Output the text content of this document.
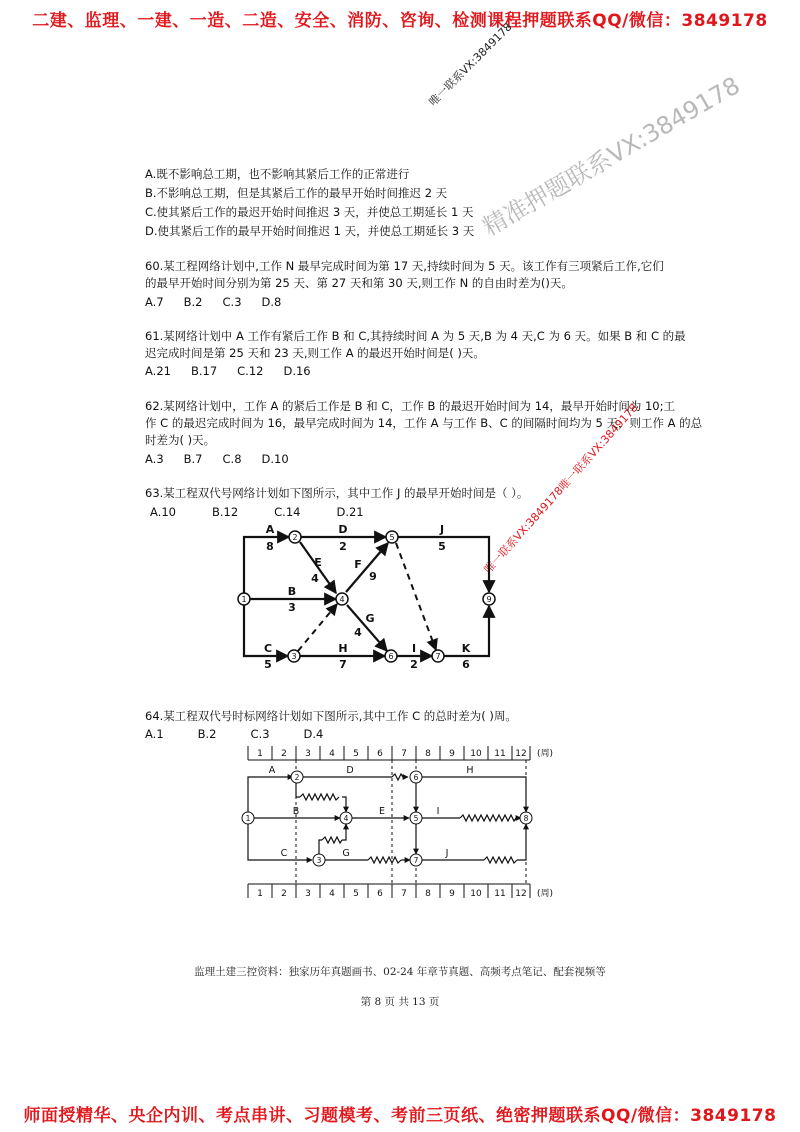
二建、监理、一建、一造、二造、安全、消防、咨询、检测课程押题联系QQ/微信：3849178
唯一联系VX:3849178
精准押题联系VX:3849178
唯一联系VX:3849178唯一联系VX:3849178
A.既不影响总工期，也不影响其紧后工作的正常进行
B.不影响总工期，但是其紧后工作的最早开始时间推迟 2 天
C.使其紧后工作的最迟开始时间推迟 3 天，并使总工期延长 1 天
D.使其紧后工作的最早开始时间推迟 1 天，并使总工期延长 3 天
60.某工程网络计划中,工作 N 最早完成时间为第 17 天,持续时间为 5 天。该工作有三项紧后工作,它们
的最早开始时间分别为第 25 天、第 27 天和第 30 天,则工作 N 的自由时差为()天。
A.7 B.2 C.3 D.8
61.某网络计划中 A 工作有紧后工作 B 和 C,其持续时间 A 为 5 天,B 为 4 天,C 为 6 天。如果 B 和 C 的最
迟完成时间是第 25 天和 23 天,则工作 A 的最迟开始时间是( )天。
A.21 B.17 C.12 D.16
62.某网络计划中，工作 A 的紧后工作是 B 和 C，工作 B 的最迟开始时间为 14，最早开始时间为 10;工
作 C 的最迟完成时间为 16，最早完成时间为 14，工作 A 与工作 B、C 的间隔时间均为 5 天，则工作 A 的总
时差为( )天。
A.3 B.7 C.8 D.10
63.某工程双代号网络计划如下图所示，其中工作 J 的最早开始时间是（ ）。
A.10	B.12	C.14	D.21
1
2
3
4
5
6	7
9
A
8
D
2
J
5
E
4
F
9
B
3
G
4
C
5
H
7
I
2
K
6
64.某工程双代号时标网络计划如下图所示,其中工作 C 的总时差为( )周。
A.1	B.2	C.3	D.4
1 2 3 4 5 6 7 8 9 10 11 12 (周)
1 2 3 4 5 6 7 8 9 10 11 12 (周)
1
2
3
4	5
6
7
8
A	D	H
B	E	I
C	G	J
监理土建三控资料：独家历年真题画书、02-24 年章节真题、高频考点笔记、配套视频等
第 8 页 共 13 页
师面授精华、央企内训、考点串讲、习题模考、考前三页纸、绝密押题联系QQ/微信：3849178
